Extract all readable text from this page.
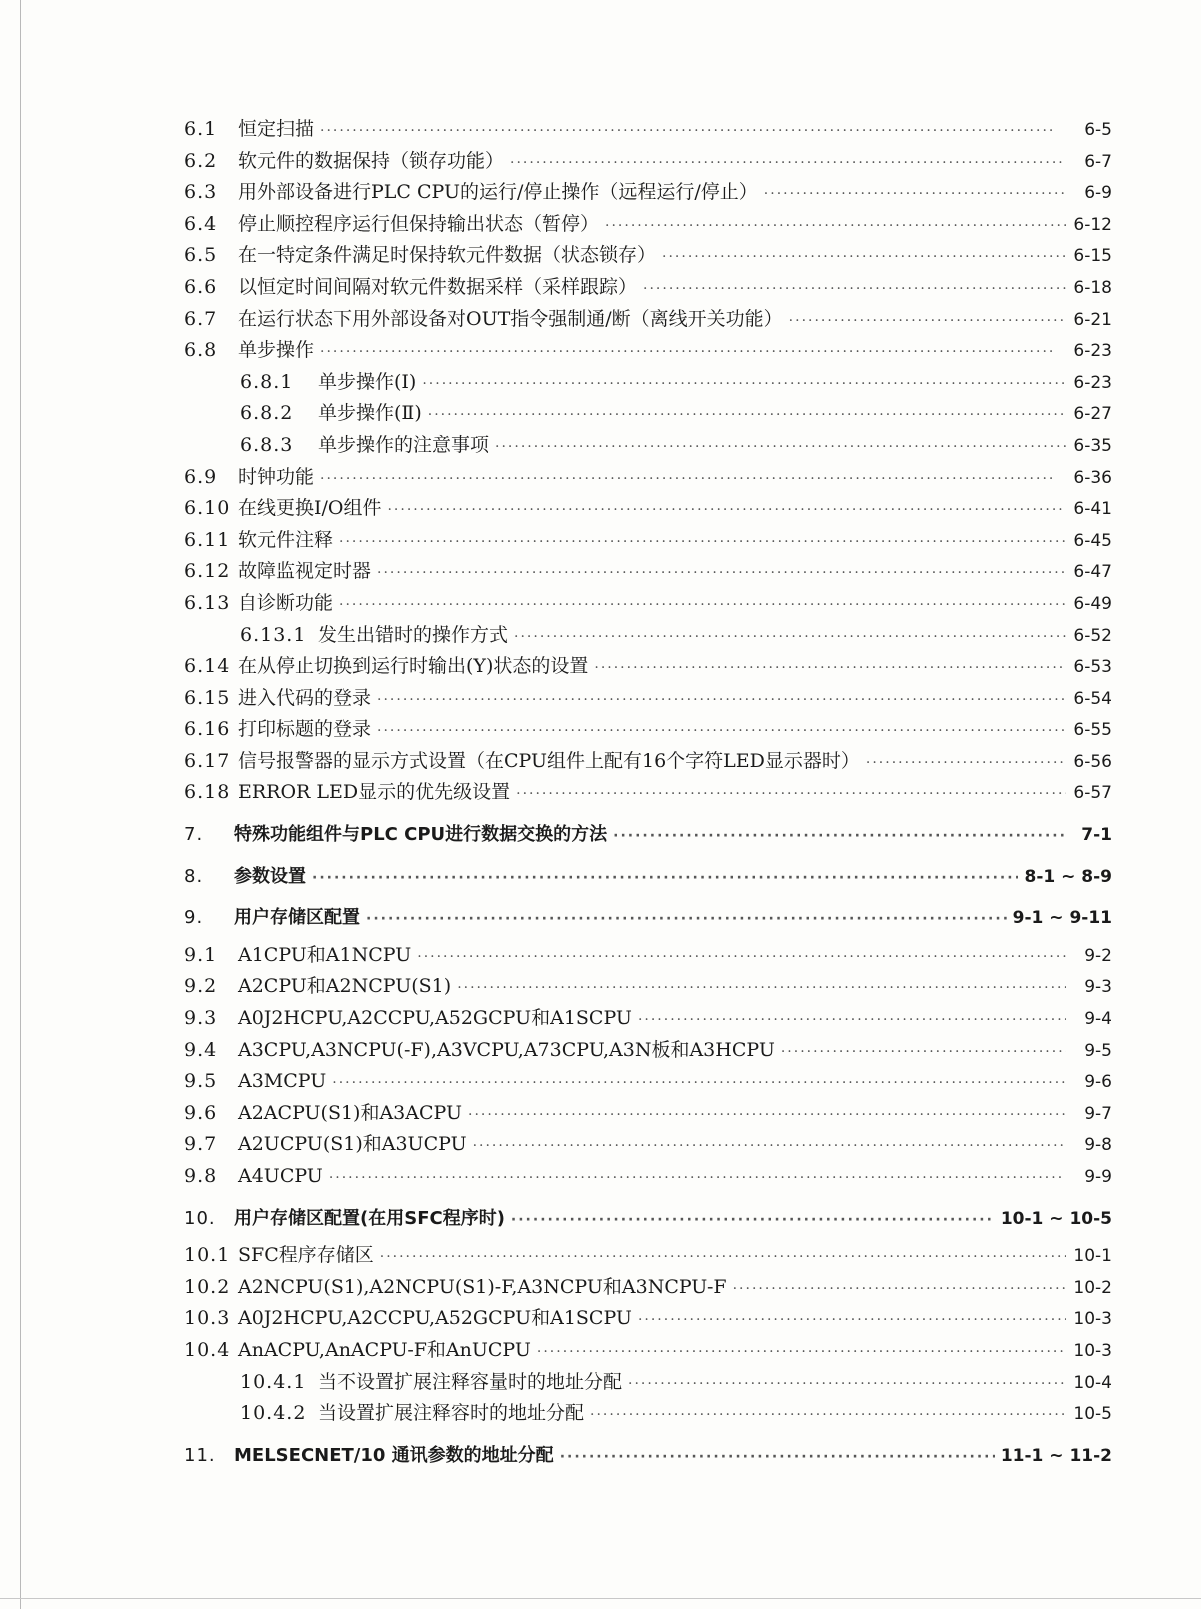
6.1	恒定扫描 ·····	6-5
6.2	软元件的数据保持（锁存功能） ·····	6-7
6.3	用外部设备进行PLC CPU的运行/停止操作（远程运行/停止） ·····	6-9
6.4	停止顺控程序运行但保持输出状态（暂停） ·····	6-12
6.5	在一特定条件满足时保持软元件数据（状态锁存） ·····	6-15
6.6	以恒定时间间隔对软元件数据采样（采样跟踪） ·····	6-18
6.7	在运行状态下用外部设备对OUT指令强制通/断（离线开关功能） ·····	6-21
6.8	单步操作 ·····	6-23
6.8.1	单步操作(Ⅰ) ·····	6-23
6.8.2	单步操作(Ⅱ) ·····	6-27
6.8.3	单步操作的注意事项 ·····	6-35
6.9	时钟功能 ·····	6-36
6.10 在线更换I/O组件 ·····	6-41
6.11 软元件注释 ·····	6-45
6.12 故障监视定时器 ·····	6-47
6.13 自诊断功能 ·····	6-49
6.13.1 发生出错时的操作方式 ·····	6-52
6.14 在从停止切换到运行时输出(Y)状态的设置 ·····	6-53
6.15 进入代码的登录 ·····	6-54
6.16 打印标题的登录 ·····	6-55
6.17 信号报警器的显示方式设置（在CPU组件上配有16个字符LED显示器时） ·····	6-56
6.18 ERROR LED显示的优先级设置 ·····	6-57
7.	特殊功能组件与PLC CPU进行数据交换的方法 ·····	7-1
8.	参数设置 ·····	8-1 ~ 8-9
9.	用户存储区配置 ·····	9-1 ~ 9-11
9.1	A1CPU和A1NCPU ·····	9-2
9.2	A2CPU和A2NCPU(S1) ·····	9-3
9.3	A0J2HCPU,A2CCPU,A52GCPU和A1SCPU ·····	9-4
9.4	A3CPU,A3NCPU(-F),A3VCPU,A73CPU,A3N板和A3HCPU ·····	9-5
9.5	A3MCPU ·····	9-6
9.6	A2ACPU(S1)和A3ACPU ·····	9-7
9.7	A2UCPU(S1)和A3UCPU ·····	9-8
9.8	A4UCPU ·····	9-9
10.	用户存储区配置(在用SFC程序时) ·····	10-1 ~ 10-5
10.1 SFC程序存储区 ·····	10-1
10.2 A2NCPU(S1),A2NCPU(S1)-F,A3NCPU和A3NCPU-F ·····	10-2
10.3 A0J2HCPU,A2CCPU,A52GCPU和A1SCPU ·····	10-3
10.4 AnACPU,AnACPU-F和AnUCPU ·····	10-3
10.4.1 当不设置扩展注释容量时的地址分配 ·····	10-4
10.4.2 当设置扩展注释容时的地址分配 ·····	10-5
11.	MELSECNET/10 通讯参数的地址分配 ·····	11-1 ~ 11-2
